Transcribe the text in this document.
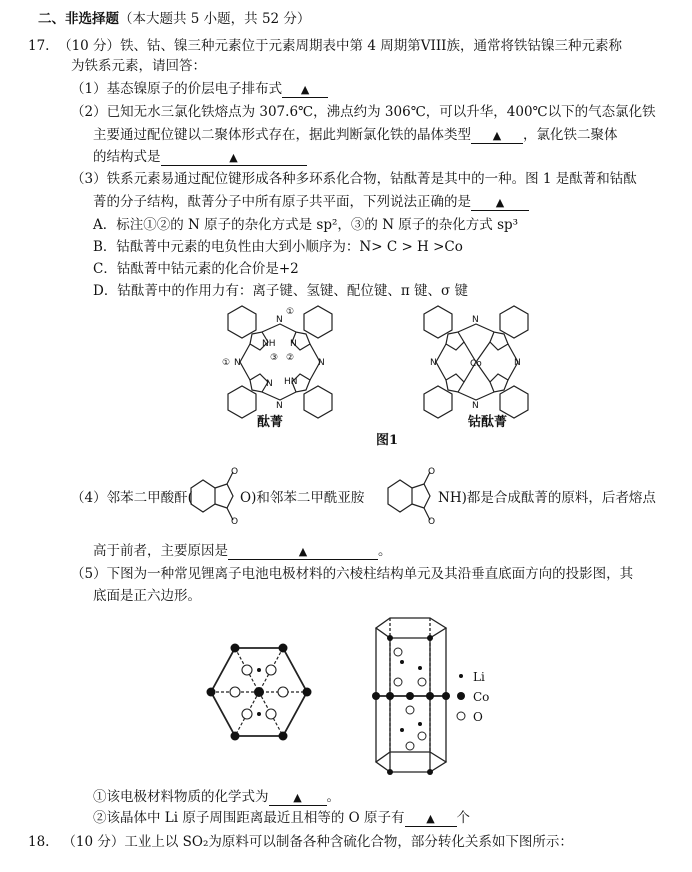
二、非选择题（本大题共 5 小题，共 52 分）
17. （10 分）铁、钴、镍三种元素位于元素周期表中第 4 周期第VIII族，通常将铁钴镍三种元素称
为铁系元素，请回答：
（1）基态镍原子的价层电子排布式 ▲
（2）已知无水三氯化铁熔点为 307.6℃，沸点约为 306℃，可以升华，400℃以下的气态氯化铁
主要通过配位键以二聚体形式存在，据此判断氯化铁的晶体类型 ▲ ，氯化铁二聚体
的结构式是	▲
（3）铁系元素易通过配位键形成各种多环系化合物，钴酞菁是其中的一种。图 1 是酞菁和钴酞
菁的分子结构，酞菁分子中所有原子共平面，下列说法正确的是 ▲
A．标注①②的 N 原子的杂化方式是 sp²，③的 N 原子的杂化方式 sp³
B．钴酞菁中元素的电负性由大到小顺序为：N> C > H >Co
C．钴酞菁中钴元素的化合价是+2
D．钴酞菁中的作用力有：离子键、氢键、配位键、π 键、σ 键
N
N
N	N
NH
HN
N
N
①
①	③ ②
Co
N
N
N	N
酞菁	钴酞菁
图1
（4）邻苯二甲酸酐(
O
O
O)和邻苯二甲酰亚胺
O
O
NH)都是合成酞菁的原料，后者熔点
高于前者，主要原因是	▲	。
（5）下图为一种常见锂离子电池电极材料的六棱柱结构单元及其沿垂直底面方向的投影图，其
底面是正六边形。
Li
Co
O
①该电极材料物质的化学式为 ▲ 。
②该晶体中 Li 原子周围距离最近且相等的 O 原子有 ▲ 个
18. （10 分）工业上以 SO₂为原料可以制备各种含硫化合物，部分转化关系如下图所示：
